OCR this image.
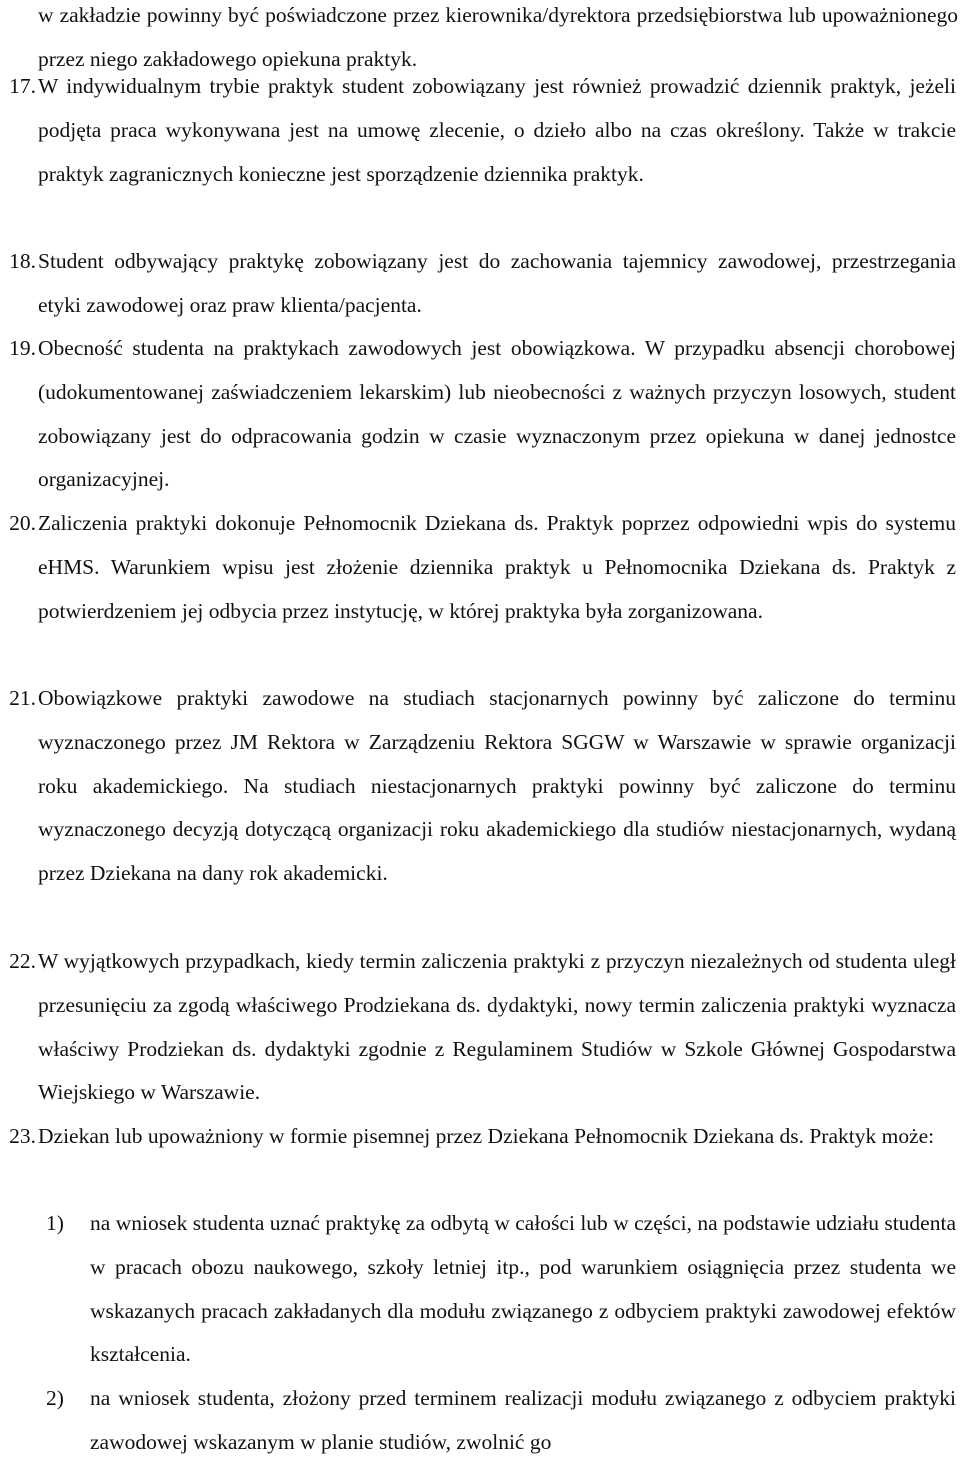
w zakładzie powinny być poświadczone przez kierownika/dyrektora przedsiębiorstwa lub upoważnionego przez niego zakładowego opiekuna praktyk.
17. W indywidualnym trybie praktyk student zobowiązany jest również prowadzić dziennik praktyk, jeżeli podjęta praca wykonywana jest na umowę zlecenie, o dzieło albo na czas określony. Także w trakcie praktyk zagranicznych konieczne jest sporządzenie dziennika praktyk.
18. Student odbywający praktykę zobowiązany jest do zachowania tajemnicy zawodowej, przestrzegania etyki zawodowej oraz praw klienta/pacjenta.
19. Obecność studenta na praktykach zawodowych jest obowiązkowa. W przypadku absencji chorobowej (udokumentowanej zaświadczeniem lekarskim) lub nieobecności z ważnych przyczyn losowych, student zobowiązany jest do odpracowania godzin w czasie wyznaczonym przez opiekuna w danej jednostce organizacyjnej.
20. Zaliczenia praktyki dokonuje Pełnomocnik Dziekana ds. Praktyk poprzez odpowiedni wpis do systemu eHMS. Warunkiem wpisu jest złożenie dziennika praktyk u Pełnomocnika Dziekana ds. Praktyk z potwierdzeniem jej odbycia przez instytucję, w której praktyka była zorganizowana.
21. Obowiązkowe praktyki zawodowe na studiach stacjonarnych powinny być zaliczone do terminu wyznaczonego przez JM Rektora w Zarządzeniu Rektora SGGW w Warszawie w sprawie organizacji roku akademickiego. Na studiach niestacjonarnych praktyki powinny być zaliczone do terminu wyznaczonego decyzją dotyczącą organizacji roku akademickiego dla studiów niestacjonarnych, wydaną przez Dziekana na dany rok akademicki.
22. W wyjątkowych przypadkach, kiedy termin zaliczenia praktyki z przyczyn niezależnych od studenta uległ przesunięciu za zgodą właściwego Prodziekana ds. dydaktyki, nowy termin zaliczenia praktyki wyznacza właściwy Prodziekan ds. dydaktyki zgodnie z Regulaminem Studiów w Szkole Głównej Gospodarstwa Wiejskiego w Warszawie.
23. Dziekan lub upoważniony w formie pisemnej przez Dziekana Pełnomocnik Dziekana ds. Praktyk może:
1) na wniosek studenta uznać praktykę za odbytą w całości lub w części, na podstawie udziału studenta w pracach obozu naukowego, szkoły letniej itp., pod warunkiem osiągnięcia przez studenta we wskazanych pracach zakładanych dla modułu związanego z odbyciem praktyki zawodowej efektów kształcenia.
2) na wniosek studenta, złożony przed terminem realizacji modułu związanego z odbyciem praktyki zawodowej wskazanym w planie studiów, zwolnić go
